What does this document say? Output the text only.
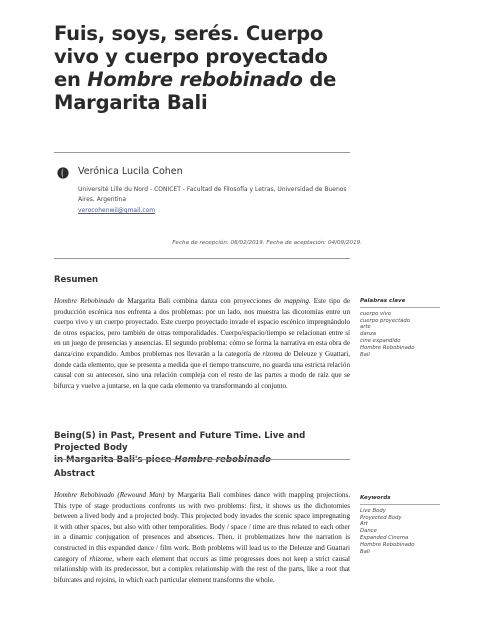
Fuis, soys, serés. Cuerpo
vivo y cuerpo proyectado
en Hombre rebobinado de
Margarita Bali
Verónica Lucila Cohen
Université Lille du Nord - CONICET - Facultad de Filosofía y Letras, Universidad de Buenos
Aires, Argentina
verocohenwil@gmail.com
Fecha de recepción: 06/02/2019. Fecha de aceptación: 04/09/2019.
Resumen
Hombre Rebobinado de Margarita Bali combina danza con proyecciones de mapping. Este tipo de producción escénica nos enfrenta a dos problemas: por un lado, nos muestra las dicotomías entre un cuerpo vivo y un cuerpo proyectado. Este cuerpo proyectado invade el espacio escénico impregnándolo de otros espacios, pero también de otras temporalidades. Cuerpo/espacio/tiempo se relacionan entre sí en un juego de presencias y ausencias. El segundo problema: cómo se forma la narrativa en esta obra de danza/cine expandido. Ambos problemas nos llevarán a la categoría de rizoma de Deleuze y Guattari, donde cada elemento, que se presenta a medida que el tiempo transcurre, no guarda una estricta relación causal con su antecesor, sino una relación compleja con el resto de las partes a modo de raíz que se bifurca y vuelve a juntarse, en la que cada elemento va transformando al conjunto.
Palabras clave
cuerpo vivo
cuerpo proyectado
arte
danza
cine expandido
Hombre Rebobinado
Bali
Being(S) in Past, Present and Future Time. Live and Projected Body
in Margarita Bali's piece Hombre rebobinado
Abstract
Hombre Rebobinado (Rewound Man) by Margarita Bali combines dance with mapping projections. This type of stage productions confronts us with two problems: first, it shows us the dichotomies between a lived body and a projected body. This projected body invades the scenic space impregnating it with other spaces, but also with other temporalities. Body / space / time are thus related to each other in a dinamic conjugation of presences and absences. Then, it problematizes how the narration is constructed in this expanded dance / film work. Both problems will lead us to the Deleuze and Guattari category of rhizome, where each element that occurs as time progresses does not keep a strict causal relationship with its predecessor, but a complex relationship with the rest of the parts, like a root that bifurcates and rejoins, in which each particular element transforms the whole.
Keywords
Live Body
Proyected Body
Art
Dance
Expanded Cinema
Hombre Rebobinado
Bali
